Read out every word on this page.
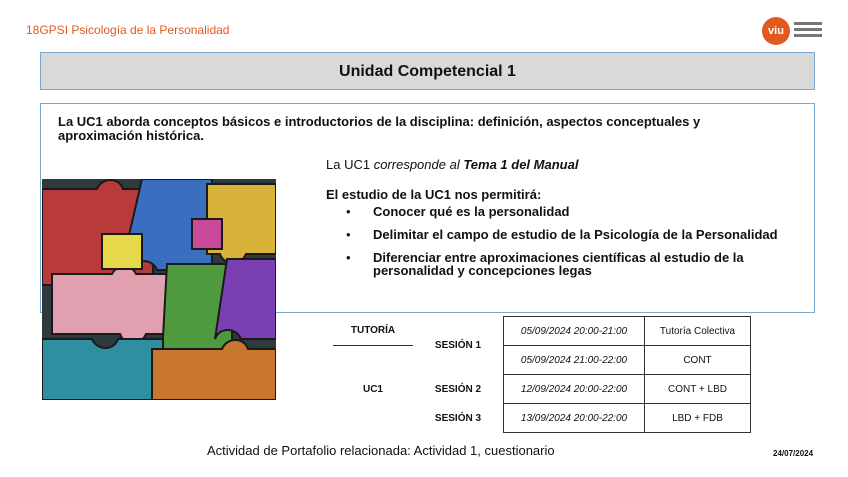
18GPSI Psicología de la Personalidad	viu
Unidad Competencial 1
La UC1 aborda conceptos básicos e introductorios de la disciplina: definición, aspectos conceptuales y aproximación histórica.
La UC1 corresponde al Tema 1 del Manual
El estudio de la UC1 nos permitirá:
• Conocer qué es la personalidad
• Delimitar el campo de estudio de la Psicología de la Personalidad
• Diferenciar entre aproximaciones científicas al estudio de la personalidad y concepciones legas
TUTORÍA	SESIÓN 1	05/09/2024 20:00-21:00	Tutoría Colectiva
UC1		05/09/2024 21:00-22:00	CONT
	SESIÓN 2	12/09/2024 20:00-22:00	CONT + LBD
	SESIÓN 3	13/09/2024 20:00-22:00	LBD + FDB
Actividad de Portafolio relacionada: Actividad 1, cuestionario	24/07/2024
